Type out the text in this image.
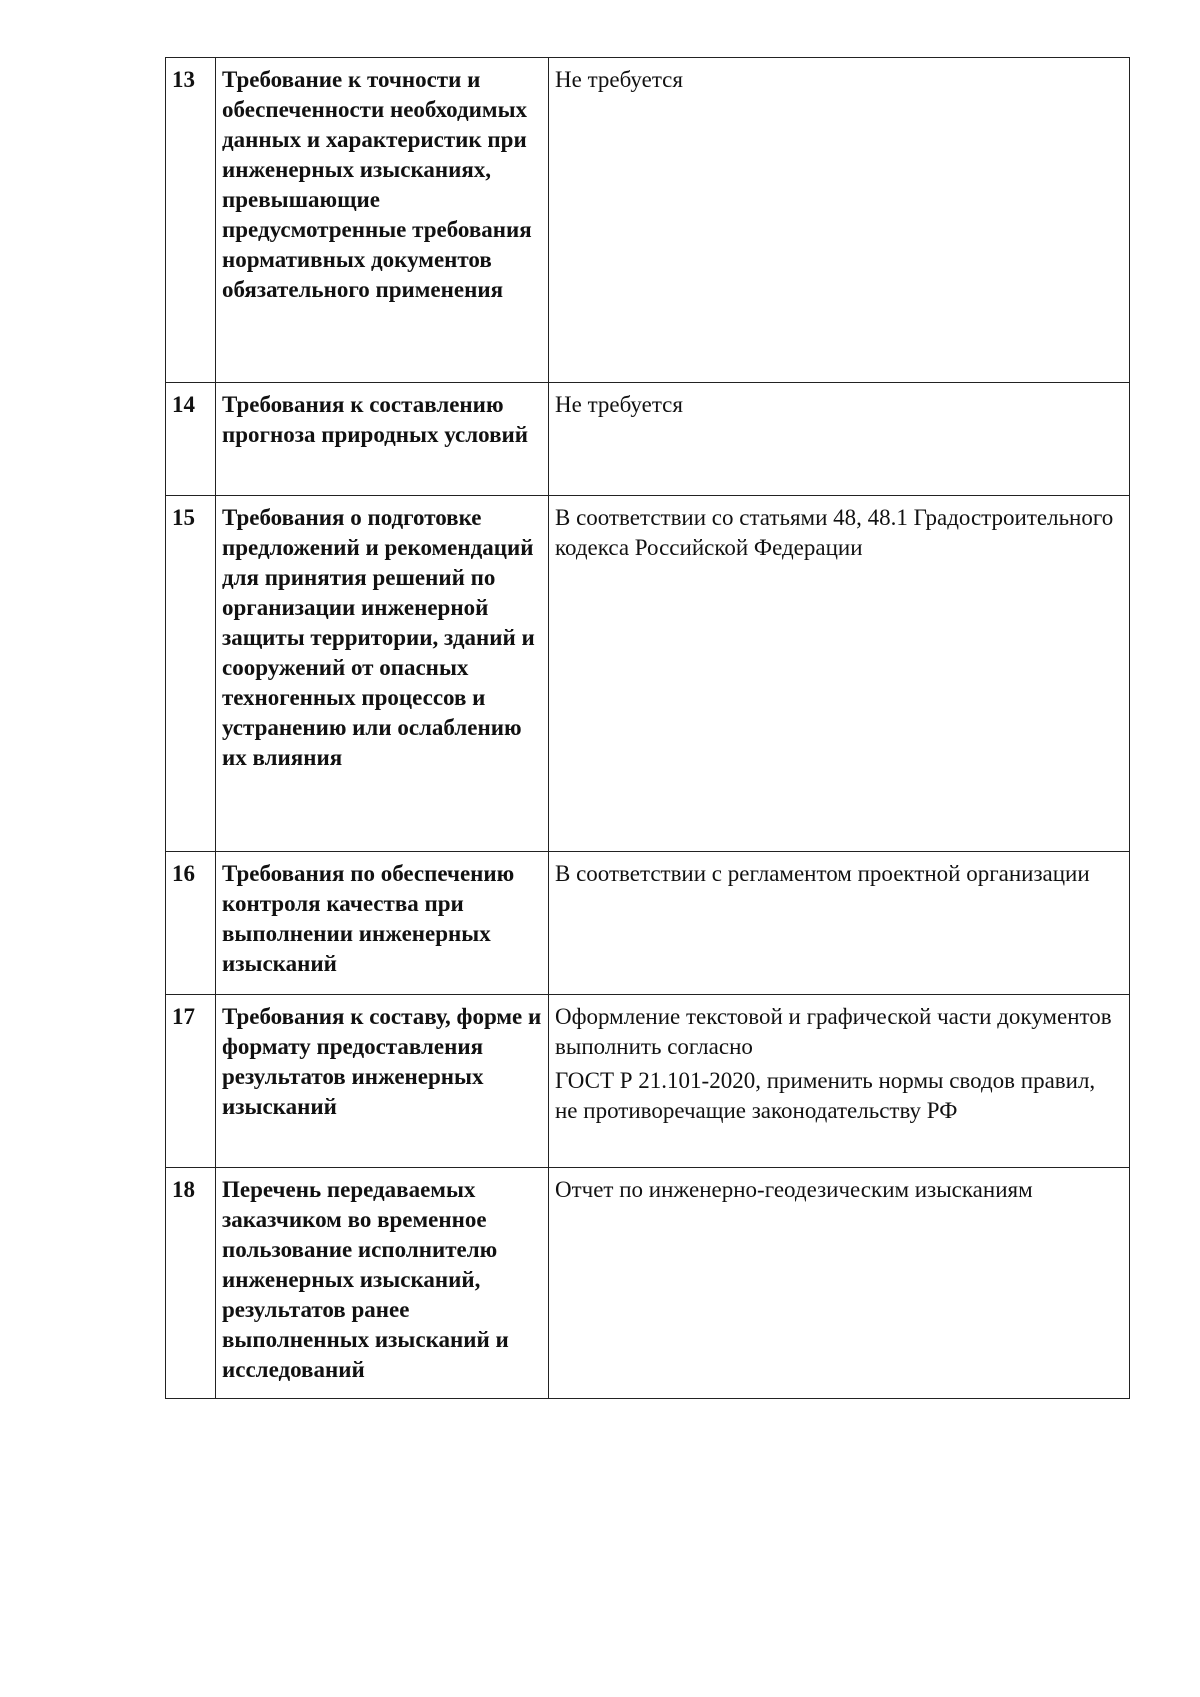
13	Требование к точности и обеспеченности необходимых данных и характеристик при инженерных изысканиях, превышающие предусмотренные требования нормативных документов обязательного применения	Не требуется

14	Требования к составлению прогноза природных условий	Не требуется

15	Требования о подготовке предложений и рекомендаций для принятия решений по организации инженерной защиты территории, зданий и сооружений от опасных техногенных процессов и устранению или ослаблению их влияния	В соответствии со статьями 48, 48.1 Градостроительного кодекса Российской Федерации

16	Требования по обеспечению контроля качества при выполнении инженерных изысканий	В соответствии с регламентом проектной организации

17	Требования к составу, форме и формату предоставления результатов инженерных изысканий	Оформление текстовой и графической части документов выполнить согласно

ГОСТ Р 21.101-2020, применить нормы сводов правил, не противоречащие законодательству РФ

18	Перечень передаваемых заказчиком во временное пользование исполнителю инженерных изысканий, результатов ранее выполненных изысканий и исследований	Отчет по инженерно-геодезическим изысканиям
